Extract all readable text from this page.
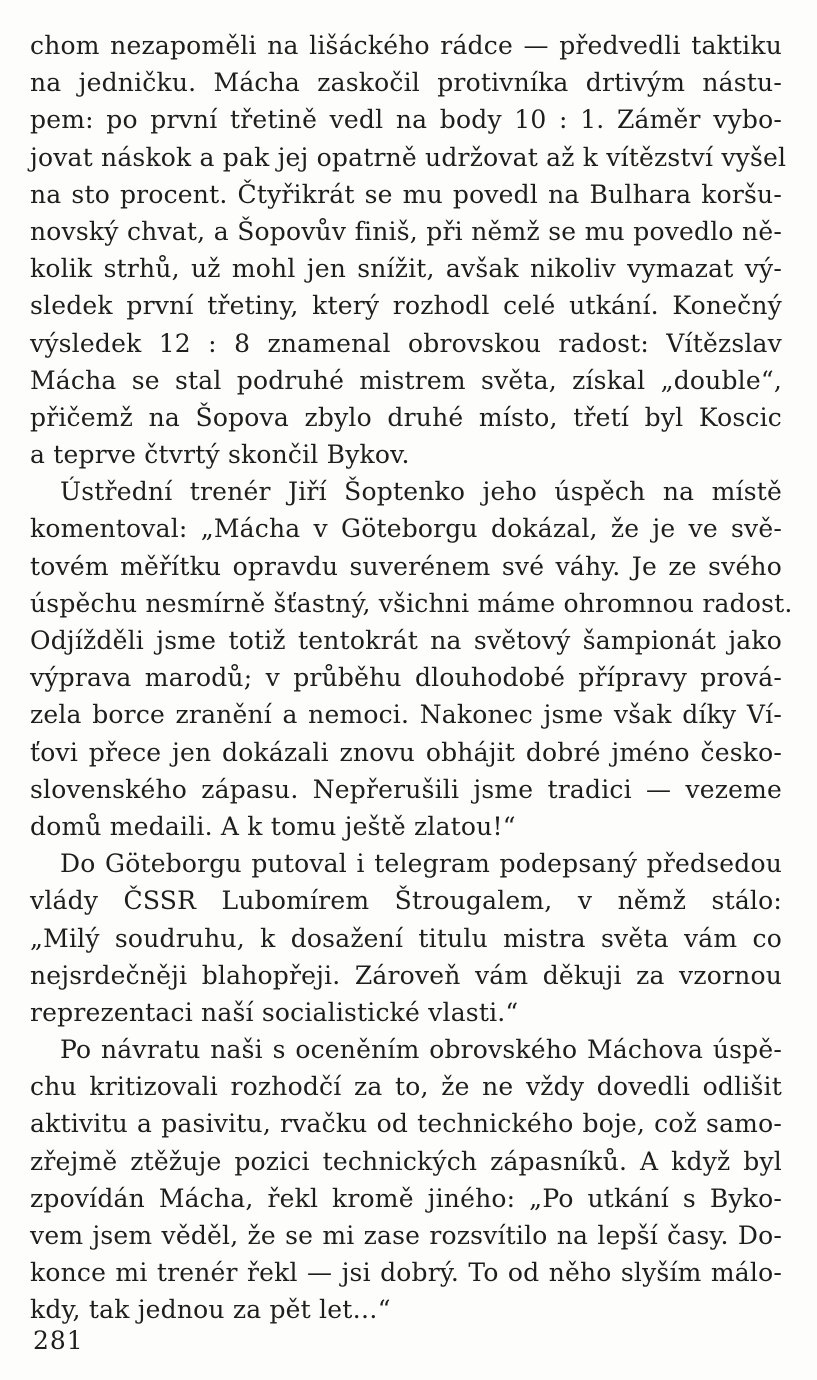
chom nezapoměli na lišáckého rádce — předvedli taktiku
na jedničku. Mácha zaskočil protivníka drtivým nástu-
pem: po první třetině vedl na body 10 : 1. Záměr vybo-
jovat náskok a pak jej opatrně udržovat až k vítězství vyšel
na sto procent. Čtyřikrát se mu povedl na Bulhara koršu-
novský chvat, a Šopovův finiš, při němž se mu povedlo ně-
kolik strhů, už mohl jen snížit, avšak nikoliv vymazat vý-
sledek první třetiny, který rozhodl celé utkání. Konečný
výsledek 12 : 8 znamenal obrovskou radost: Vítězslav
Mácha se stal podruhé mistrem světa, získal „double“,
přičemž na Šopova zbylo druhé místo, třetí byl Koscic
a teprve čtvrtý skončil Bykov.
Ústřední trenér Jiří Šoptenko jeho úspěch na místě
komentoval: „Mácha v Göteborgu dokázal, že je ve svě-
tovém měřítku opravdu suverénem své váhy. Je ze svého
úspěchu nesmírně šťastný, všichni máme ohromnou radost.
Odjížděli jsme totiž tentokrát na světový šampionát jako
výprava marodů; v průběhu dlouhodobé přípravy prová-
zela borce zranění a nemoci. Nakonec jsme však díky Ví-
ťovi přece jen dokázali znovu obhájit dobré jméno česko-
slovenského zápasu. Nepřerušili jsme tradici — vezeme
domů medaili. A k tomu ještě zlatou!“
Do Göteborgu putoval i telegram podepsaný předsedou
vlády ČSSR Lubomírem Štrougalem, v němž stálo:
„Milý soudruhu, k dosažení titulu mistra světa vám co
nejsrdečněji blahopřeji. Zároveň vám děkuji za vzornou
reprezentaci naší socialistické vlasti.“
Po návratu naši s oceněním obrovského Máchova úspě-
chu kritizovali rozhodčí za to, že ne vždy dovedli odlišit
aktivitu a pasivitu, rvačku od technického boje, což samo-
zřejmě ztěžuje pozici technických zápasníků. A když byl
zpovídán Mácha, řekl kromě jiného: „Po utkání s Byko-
vem jsem věděl, že se mi zase rozsvítilo na lepší časy. Do-
konce mi trenér řekl — jsi dobrý. To od něho slyším málo-
kdy, tak jednou za pět let…“
281
